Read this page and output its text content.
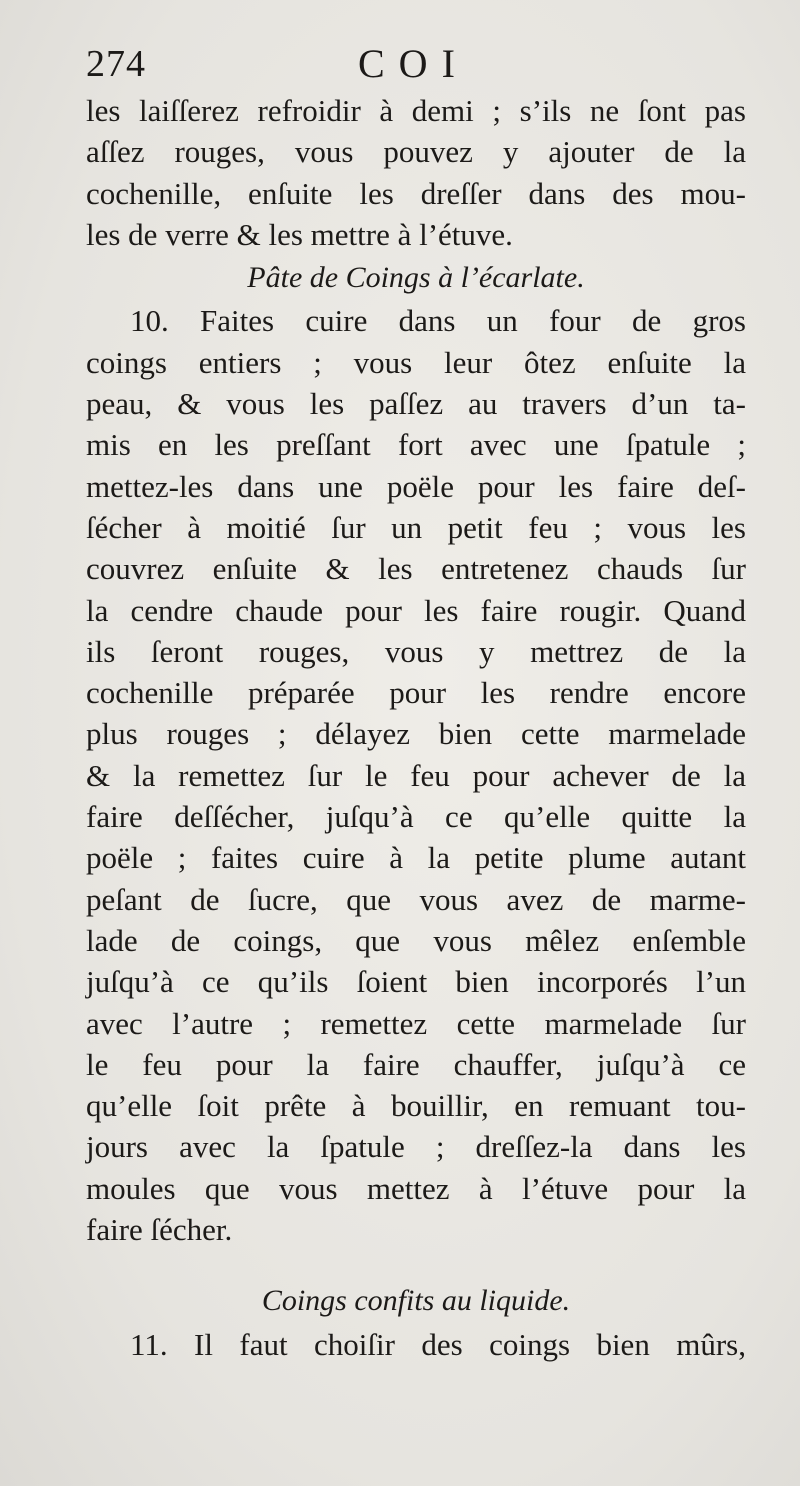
274	COI
les laiſſerez refroidir à demi ; s’ils ne ſont pas
aſſez rouges, vous pouvez y ajouter de la
cochenille, enſuite les dreſſer dans des mou-
les de verre & les mettre à l’étuve.
Pâte de Coings à l’écarlate.
10. Faites cuire dans un four de gros
coings entiers ; vous leur ôtez enſuite la
peau, & vous les paſſez au travers d’un ta-
mis en les preſſant fort avec une ſpatule ;
mettez-les dans une poële pour les faire deſ-
ſécher à moitié ſur un petit feu ; vous les
couvrez enſuite & les entretenez chauds ſur
la cendre chaude pour les faire rougir. Quand
ils ſeront rouges, vous y mettrez de la
cochenille préparée pour les rendre encore
plus rouges ; délayez bien cette marmelade
& la remettez ſur le feu pour achever de la
faire deſſécher, juſqu’à ce qu’elle quitte la
poële ; faites cuire à la petite plume autant
peſant de ſucre, que vous avez de marme-
lade de coings, que vous mêlez enſemble
juſqu’à ce qu’ils ſoient bien incorporés l’un
avec l’autre ; remettez cette marmelade ſur
le feu pour la faire chauffer, juſqu’à ce
qu’elle ſoit prête à bouillir, en remuant tou-
jours avec la ſpatule ; dreſſez-la dans les
moules que vous mettez à l’étuve pour la
faire ſécher.
Coings confits au liquide.
11. Il faut choiſir des coings bien mûrs,
